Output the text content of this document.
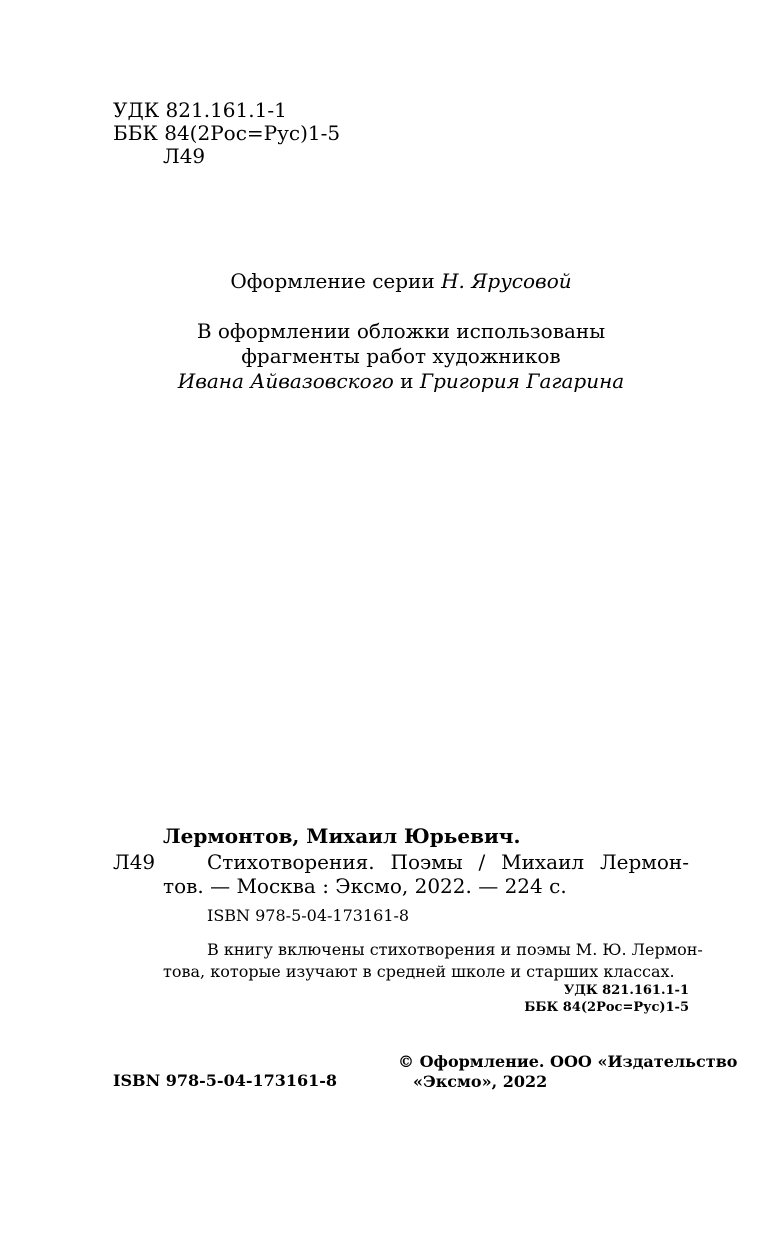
УДК 821.161.1-1
ББК 84(2Рос=Рус)1-5
Л49
Оформление серии Н. Ярусовой
В оформлении обложки использованы
фрагменты работ художников
Ивана Айвазовского и Григория Гагарина
Лермонтов, Михаил Юрьевич.
Л49	Стихотворения. Поэмы / Михаил Лермон-
тов. — Москва : Эксмо, 2022. — 224 с.
ISBN 978-5-04-173161-8
В книгу включены стихотворения и поэмы М. Ю. Лермон-
това, которые изучают в средней школе и старших классах.
УДК 821.161.1-1
ББК 84(2Рос=Рус)1-5
ISBN 978-5-04-173161-8
© Оформление. ООО «Издательство
«Эксмо», 2022
